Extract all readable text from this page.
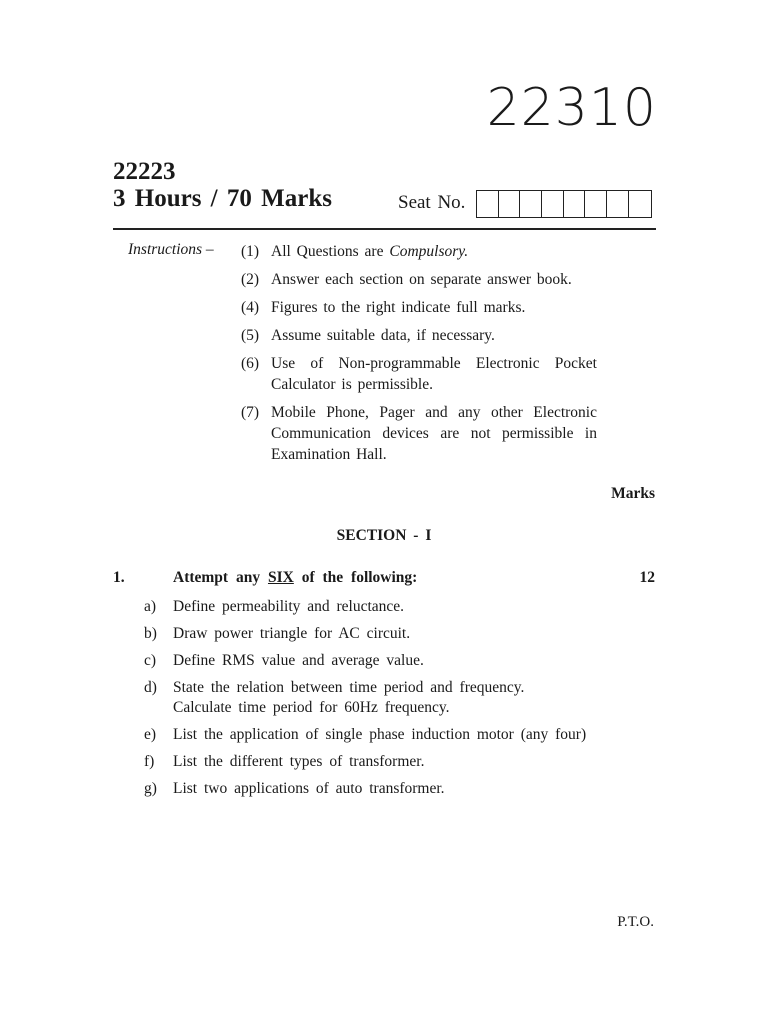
22310
22223
3 Hours / 70 Marks	Seat No.
Instructions – (1) All Questions are Compulsory.
(2) Answer each section on separate answer book.
(4) Figures to the right indicate full marks.
(5) Assume suitable data, if necessary.
(6) Use of Non-programmable Electronic Pocket Calculator is permissible.
(7) Mobile Phone, Pager and any other Electronic Communication devices are not permissible in Examination Hall.
Marks
SECTION - I
1.	Attempt any SIX of the following:	12
a)	Define permeability and reluctance.
b)	Draw power triangle for AC circuit.
c)	Define RMS value and average value.
d)	State the relation between time period and frequency.
Calculate time period for 60Hz frequency.
e)	List the application of single phase induction motor (any four)
f)	List the different types of transformer.
g)	List two applications of auto transformer.
P.T.O.
